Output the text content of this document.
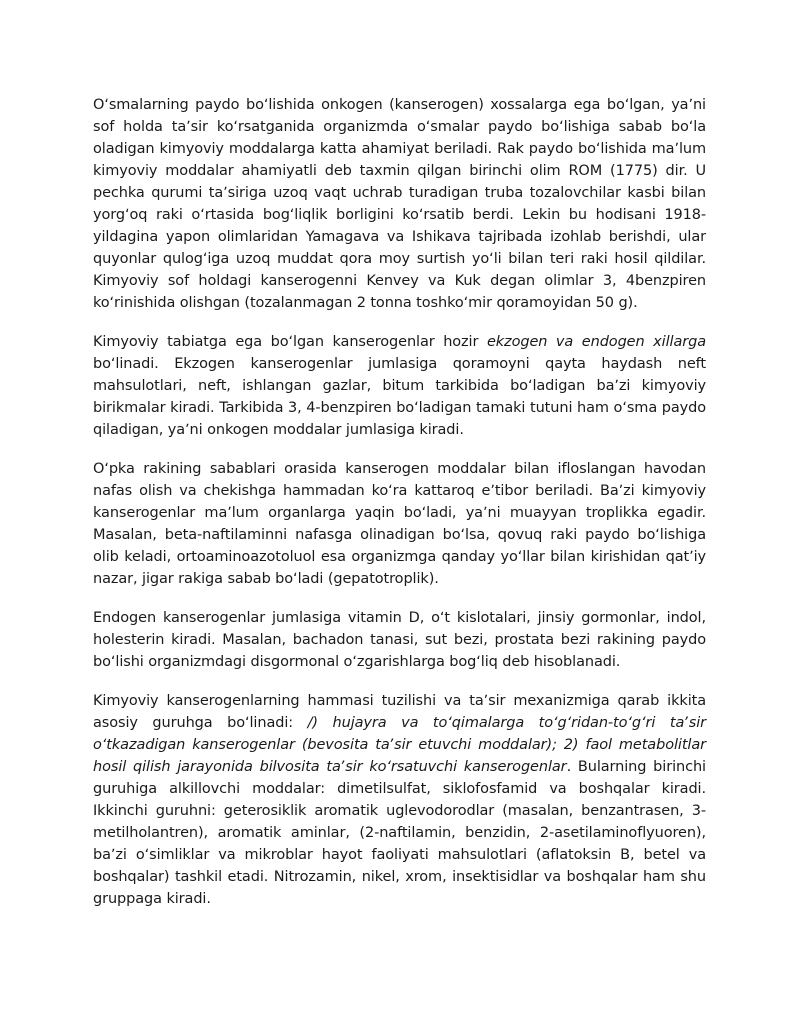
Oʻsmalarning paydo boʻlishida onkogen (kanserogen) xossalarga ega boʻlgan, yaʼni sof holda taʼsir koʻrsatganida organizmda oʻsmalar paydo boʻlishiga sabab boʻla oladigan kimyoviy moddalarga katta ahamiyat beriladi. Rak paydo boʻlishida maʼlum kimyoviy moddalar ahamiyatli deb taxmin qilgan birinchi olim ROM (1775) dir. U pechka qurumi taʼsiriga uzoq vaqt uchrab turadigan truba tozalovchilar kasbi bilan yorgʻoq raki oʻrtasida bogʻliqlik borligini koʻrsatib berdi. Lekin bu hodisani 1918-yildagina yapon olimlaridan Yamagava va Ishikava tajribada izohlab berishdi, ular quyonlar qulogʻiga uzoq muddat qora moy surtish yoʻli bilan teri raki hosil qildilar. Kimyoviy sof holdagi kanserogenni Kenvey va Kuk degan olimlar 3, 4benzpiren koʻrinishida olishgan (tozalanmagan 2 tonna toshkoʻmir qoramoyidan 50 g).

Kimyoviy tabiatga ega boʻlgan kanserogenlar hozir ekzogen va endogen xillarga boʻlinadi. Ekzogen kanserogenlar jumlasiga qoramoyni qayta haydash neft mahsulotlari, neft, ishlangan gazlar, bitum tarkibida boʻladigan baʼzi kimyoviy birikmalar kiradi. Tarkibida 3, 4-benzpiren boʻladigan tamaki tutuni ham oʻsma paydo qiladigan, yaʼni onkogen moddalar jumlasiga kiradi.

Oʻpka rakining sabablari orasida kanserogen moddalar bilan ifloslangan havodan nafas olish va chekishga hammadan koʻra kattaroq eʼtibor beriladi. Baʼzi kimyoviy kanserogenlar maʼlum organlarga yaqin boʻladi, yaʼni muayyan troplikka egadir. Masalan, beta-naftilaminni nafasga olinadigan boʻlsa, qovuq raki paydo boʻlishiga olib keladi, ortoaminoazotoluol esa organizmga qanday yoʻllar bilan kirishidan qatʼiy nazar, jigar rakiga sabab boʻladi (gepatotroplik).

Endogen kanserogenlar jumlasiga vitamin D, oʻt kislotalari, jinsiy gormonlar, indol, holesterin kiradi. Masalan, bachadon tanasi, sut bezi, prostata bezi rakining paydo boʻlishi organizmdagi disgormonal oʻzgarishlarga bogʻliq deb hisoblanadi.

Kimyoviy kanserogenlarning hammasi tuzilishi va taʼsir mexanizmiga qarab ikkita asosiy guruhga boʻlinadi: /) hujayra va toʻqimalarga toʻgʻridan-toʻgʻri taʼsir oʻtkazadigan kanserogenlar (bevosita taʼsir etuvchi moddalar); 2) faol metabolitlar hosil qilish jarayonida bilvosita taʼsir koʻrsatuvchi kanserogenlar. Bularning birinchi guruhiga alkillovchi moddalar: dimetilsulfat, siklofosfamid va boshqalar kiradi. Ikkinchi guruhni: geterosiklik aromatik uglevodorodlar (masalan, benzantrasen, 3-metilholantren), aromatik aminlar, (2-naftilamin, benzidin, 2-asetilaminoflyuoren), baʼzi oʻsimliklar va mikroblar hayot faoliyati mahsulotlari (aflatoksin B, betel va boshqalar) tashkil etadi. Nitrozamin, nikel, xrom, insektisidlar va boshqalar ham shu gruppaga kiradi.
